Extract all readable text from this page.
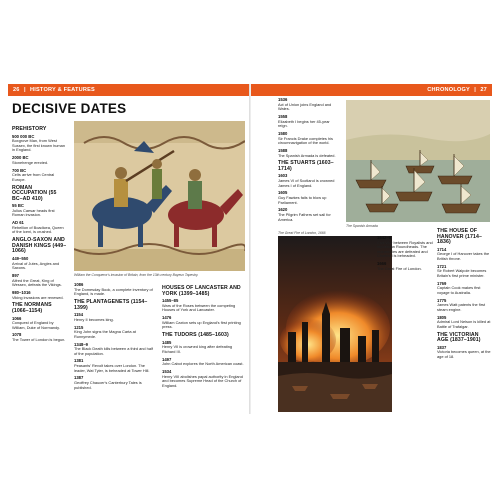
26 | HISTORY & FEATURES
DECISIVE DATES
PREHISTORY
500 000 BC
Boxgrove Man, from West Sussex, the first known human in England.
2000 BC
Stonehenge erected.
700 BC
Celts arrive from Central Europe.
ROMAN OCCUPATION (55 BC–AD 410)
55 BC
Julius Caesar heads first Roman invasion.
AD 61
Rebellion of Boadicea, Queen of the Iceni, is crushed.
ANGLO-SAXON AND DANISH KINGS (449–1066)
449–550
Arrival of Jutes, Angles and Saxons.
897
Alfred the Great, King of Wessex, defeats the Vikings.
980–1016
Viking invasions are renewed.
THE NORMANS (1066–1154)
1066
Conquest of England by William, Duke of Normandy.
1078
The Tower of London is begun.
William the Conqueror's invasion of Britain, from the 13th-century Bayeux Tapestry.
1086
The Domesday Book, a complete inventory of England, is made.
THE PLANTAGENETS (1154–1399)
1154
Henry II becomes king.
1215
King John signs the Magna Carta at Runnymede.
1348–9
The Black Death kills between a third and half of the population.
1381
Peasants' Revolt takes over London. The leader, Wat Tyler, is beheaded at Tower Hill.
1387
Geoffrey Chaucer's Canterbury Tales is published.
HOUSES OF LANCASTER AND YORK (1399–1485)
1455–85
Wars of the Roses between the competing Houses of York and Lancaster.
1476
William Caxton sets up England's first printing press.
THE TUDORS (1485–1603)
1485
Henry VII is crowned king after defeating Richard III.
1497
John Cabot explores the North American coast.
1534
Henry VIII abolishes papal authority in England and becomes Supreme Head of the Church of England.
CHRONOLOGY | 27
1536
Act of Union joins England and Wales.
1558
Elizabeth I begins her 45-year reign.
1580
Sir Francis Drake completes his circumnavigation of the world.
1588
The Spanish Armada is defeated.
THE STUARTS (1603–1714)
1603
James VI of Scotland is crowned James I of England.
1605
Guy Fawkes fails to blow up Parliament.
1620
The Pilgrim Fathers set sail for America.
The Spanish Armada
The Great Fire of London, 1666
1642–9
Civil War between Royalists and republican Roundheads. The monarchies are defeated and Charles I is beheaded.
1666
The Great Fire of London.
THE HOUSE OF HANOVER (1714–1836)
1714
George I of Hanover takes the British throne.
1721
Sir Robert Walpole becomes Britain's first prime minister.
1769
Captain Cook makes first voyage to Australia.
1775
James Watt patents the first steam engine.
1805
Admiral Lord Nelson is killed at Battle of Trafalgar.
THE VICTORIAN AGE (1837–1901)
1837
Victoria becomes queen, at the age of 18.
